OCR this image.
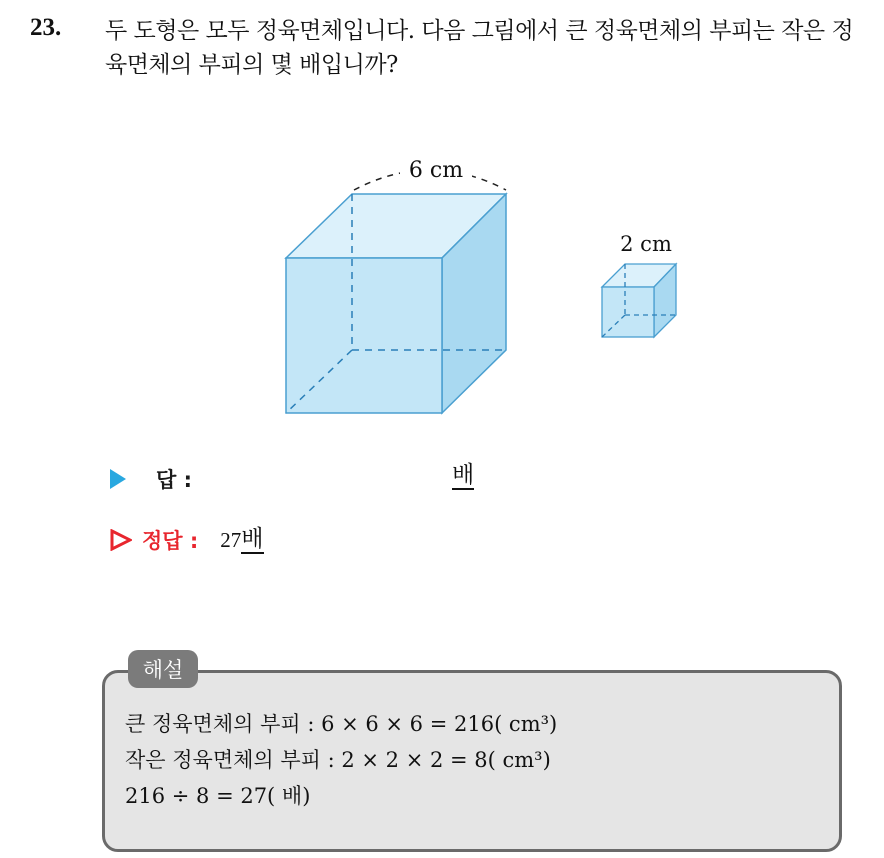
23. 두 도형은 모두 정육면체입니다. 다음 그림에서 큰 정육면체의 부피는 작은 정육면체의 부피의 몇 배입니까?
6 cm
2 cm
답 :	배
정답 : 27 배
해설
큰 정육면체의 부피 : 6 × 6 × 6 = 216( cm³)
작은 정육면체의 부피 : 2 × 2 × 2 = 8( cm³)
216 ÷ 8 = 27( 배)
